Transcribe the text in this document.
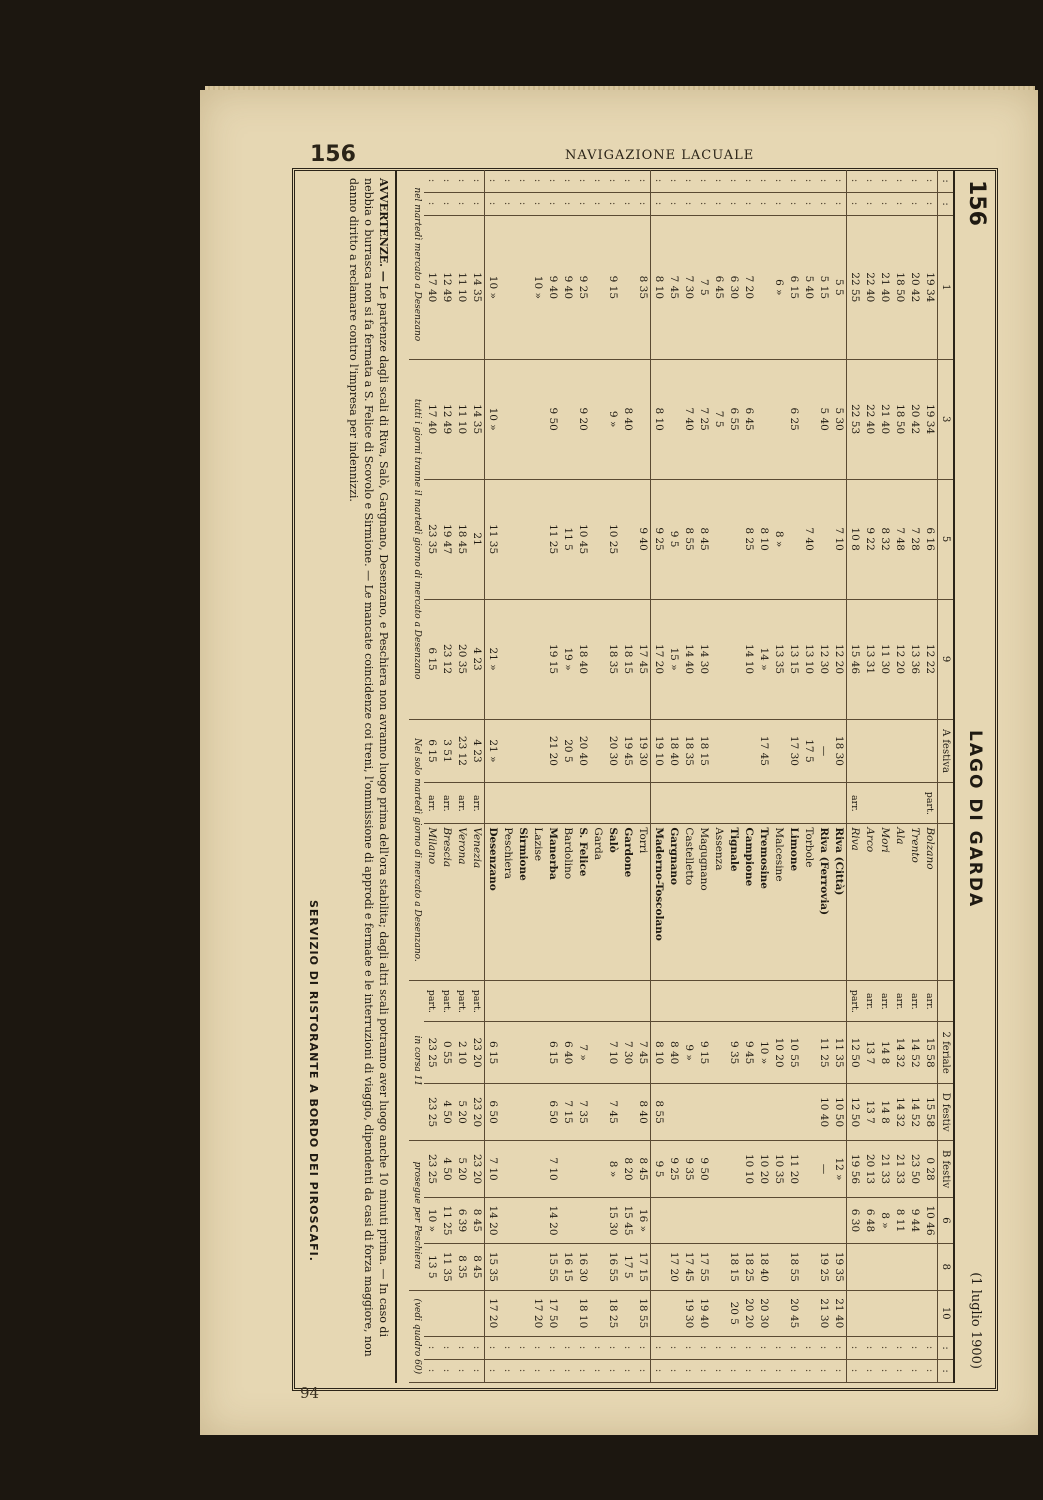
156	NAVIGAZIONE LACUALE
94
156
LAGO DI GARDA
(1 luglio 1900)
:	:	1	3	5	9	A festiva				2 feriale	D festiv	B festiv	6	8	10	:	:
:	:	19 34	19 34	6 16	12 22		part.	Bolzano	arr.	15 58	15 58	0 28	10 46			:	:
:	:	20 42	20 42	7 28	13 36			Trento	arr.	14 52	14 52	23 50	9 44			:	:
:	:	18 50	18 50	7 48	12 20			Ala	arr.	14 32	14 32	21 33	8 11			:	:
:	:	21 40	21 40	8 32	11 30			Mori	arr.	14 8	14 8	21 33	8 »			:	:
:	:	22 40	22 40	9 22	13 31			Arco	arr.	13 7	13 7	20 13	6 48			:	:
:	:	22 55	22 53	10 8	15 46		arr.	Riva	part.	12 50	12 50	19 56	6 30			:	:
:	:	5 5	5 30	7 10	12 20	18 30		Riva (Città)		11 35	10 50	12 »		19 35	21 40	:	:
:	:	5 15	5 40		12 30	—		Riva (Ferrovia)		11 25	10 40	—		19 25	21 30	:	:
:	:	5 40		7 40	13 10	17 5		Torbole								:	:
:	:	6 15	6 25		13 15	17 30		Limone		10 55		11 20		18 55	20 45	:	:
:	:	6 »		8 »	13 35			Malcesine		10 20		10 35				:	:
:	:			8 10	14 »	17 45		Tremosine		10 »		10 20		18 40	20 30	:	:
:	:	7 20	6 45	8 25	14 10			Campione		9 45		10 10		18 25	20 20	:	:
:	:	6 30	6 55					Tignale		9 35				18 15	20 5	:	:
:	:	6 45	7 5					Assenza								:	:
:	:	7 5	7 25	8 45	14 30	18 15		Magugnano		9 15		9 50		17 55	19 40	:	:
:	:	7 30	7 40	8 55	14 40	18 35		Castelletto		9 »		9 35		17 45	19 30	:	:
:	:	7 45		9 5	15 »	18 40		Gargnano		8 40		9 25		17 20		:	:
:	:	8 10	8 10	9 25	17 20	19 10		Maderno-Toscolano		8 10	8 55	9 5				:	:
:	:	8 35		9 40	17 45	19 30		Torri		7 45	8 40	8 45	16 »	17 15	18 55	:	:
:	:		8 40		18 15	19 45		Gardone		7 30		8 20	15 45	17 5		:	:
:	:	9 15	9 »	10 25	18 35	20 30		Salò		7 10	7 45	8 »	15 30	16 55	18 25	:	:
:	:							Garda								:	:
:	:	9 25	9 20	10 45	18 40	20 40		S. Felice		7 »	7 35			16 30	18 10	:	:
:	:	9 40		11 5	19 »	20 5		Bardolino		6 40	7 15			16 15		:	:
:	:	9 40	9 50	11 25	19 15	21 20		Manerba		6 15	6 50	7 10	14 20	15 55	17 50	:	:
:	:	10 »						Lazise							17 20	:	:
:	:							Sirmione								:	:
:	:							Peschiera								:	:
:	:	10 »	10 »	11 35	21 »	21 »		Desenzano		6 15	6 50	7 10	14 20	15 35	17 20	:	:
:	:	14 35	14 35	21	4 23	4 23	arr.	Venezia	part.	23 20	23 20	23 20	8 45	8 45		:	:
:	:	11 10	11 10	18 45	20 35	23 12	arr.	Verona	part.	2 10	5 20	5 20	6 39	8 35		:	:
:	:	12 49	12 49	19 47	23 12	3 51	arr.	Brescia	part.	0 55	4 50	4 50	11 25	11 35		:	:
:	:	17 40	17 40	23 35	6 15	6 15	arr.	Milano	part.	23 25	23 25	23 25	10 »	13 5		:	:
nel martedì mercato a Desenzano			tutti i giorni tranne il martedì giorno di mercato a Desenzano			Nel solo martedì giorno di mercato a Desenzano.			in corsa 11			prosegue per Peschiera			(vedi quadro 60)		
AVVERTENZE. — Le partenze dagli scali di Riva, Salò, Gargnano, Desenzano, e Peschiera non avranno luogo prima dell'ora stabilita; dagli altri scali potranno aver luogo anche 10 minuti prima. — In caso di nebbia o burrasca non si fa fermata a S. Felice di Scovolo e Sirmione. — Le mancate coincidenze coi treni, l'ommissione di approdi e fermate e le interruzioni di viaggio, dipendenti da casi di forza maggiore, non danno diritto a reclamare contro l'impresa per indennizzi.
SERVIZIO DI RISTORANTE A BORDO DEI PIROSCAFI.
